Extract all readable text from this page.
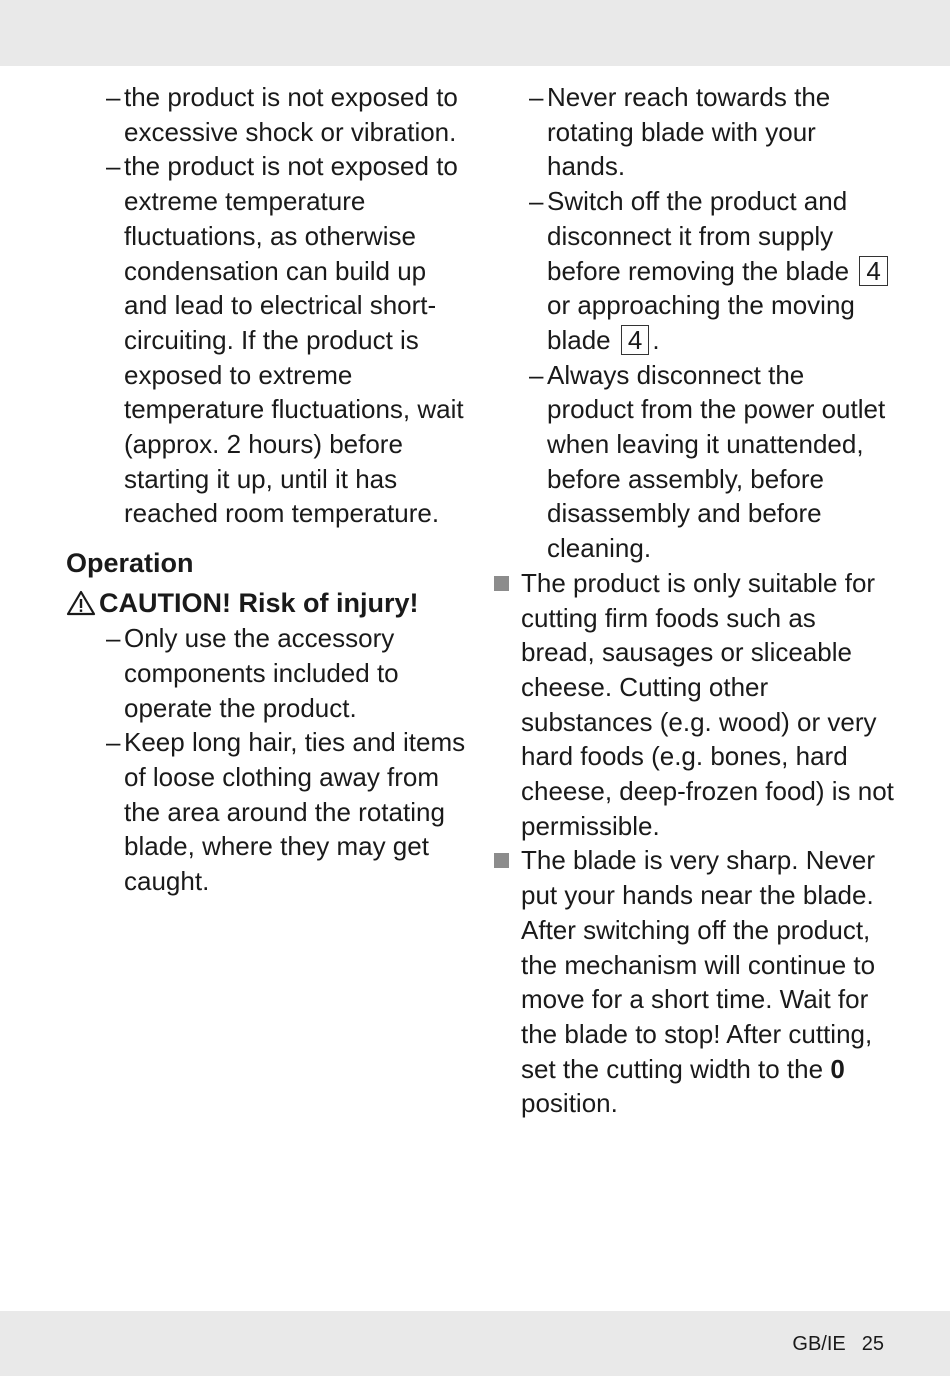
– the product is not exposed to excessive shock or vibration.
– the product is not exposed to extreme temperature fluctuations, as otherwise condensation can build up and lead to electrical short-circuiting. If the product is exposed to extreme temperature fluctuations, wait (approx. 2 hours) before starting it up, until it has reached room temperature.
Operation
CAUTION! Risk of injury!
– Only use the accessory components included to operate the product.
– Keep long hair, ties and items of loose clothing away from the area around the rotating blade, where they may get caught.
– Never reach towards the rotating blade with your hands.
– Switch off the product and disconnect it from supply before removing the blade 4 or approaching the moving blade 4 .
– Always disconnect the product from the power outlet when leaving it unattended, before assembly, before disassembly and before cleaning.
The product is only suitable for cutting firm foods such as bread, sausages or sliceable cheese. Cutting other substances (e.g. wood) or very hard foods (e.g. bones, hard cheese, deep-frozen food) is not permissible.
The blade is very sharp. Never put your hands near the blade. After switching off the product, the mechanism will continue to move for a short time. Wait for the blade to stop! After cutting, set the cutting width to the 0 position.
GB/IE 25
